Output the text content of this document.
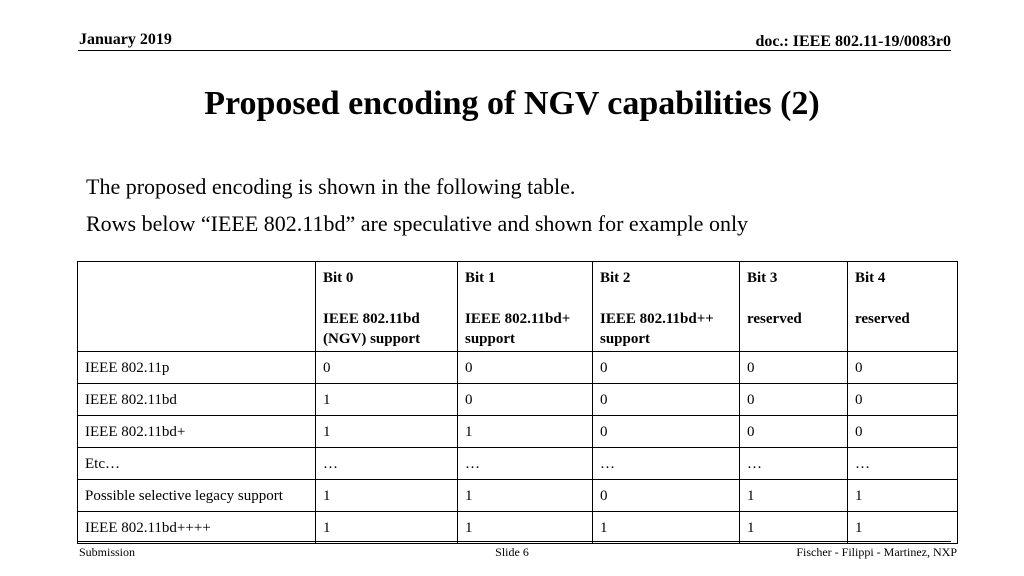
January 2019	doc.: IEEE 802.11-19/0083r0
Proposed encoding of NGV capabilities (2)
The proposed encoding is shown in the following table.
Rows below “IEEE 802.11bd” are speculative and shown for example only
	Bit 0
IEEE 802.11bd
(NGV) support	Bit 1
IEEE 802.11bd+
support	Bit 2
IEEE 802.11bd++
support	Bit 3
reserved	Bit 4
reserved

IEEE 802.11p	0	0	0	0	0
IEEE 802.11bd	1	0	0	0	0
IEEE 802.11bd+	1	1	0	0	0
Etc…	…	…	…	…	…
Possible selective legacy support	1	1	0	1	1
IEEE 802.11bd++++	1	1	1	1	1
Submission	Slide 6	Fischer - Filippi - Martinez, NXP
